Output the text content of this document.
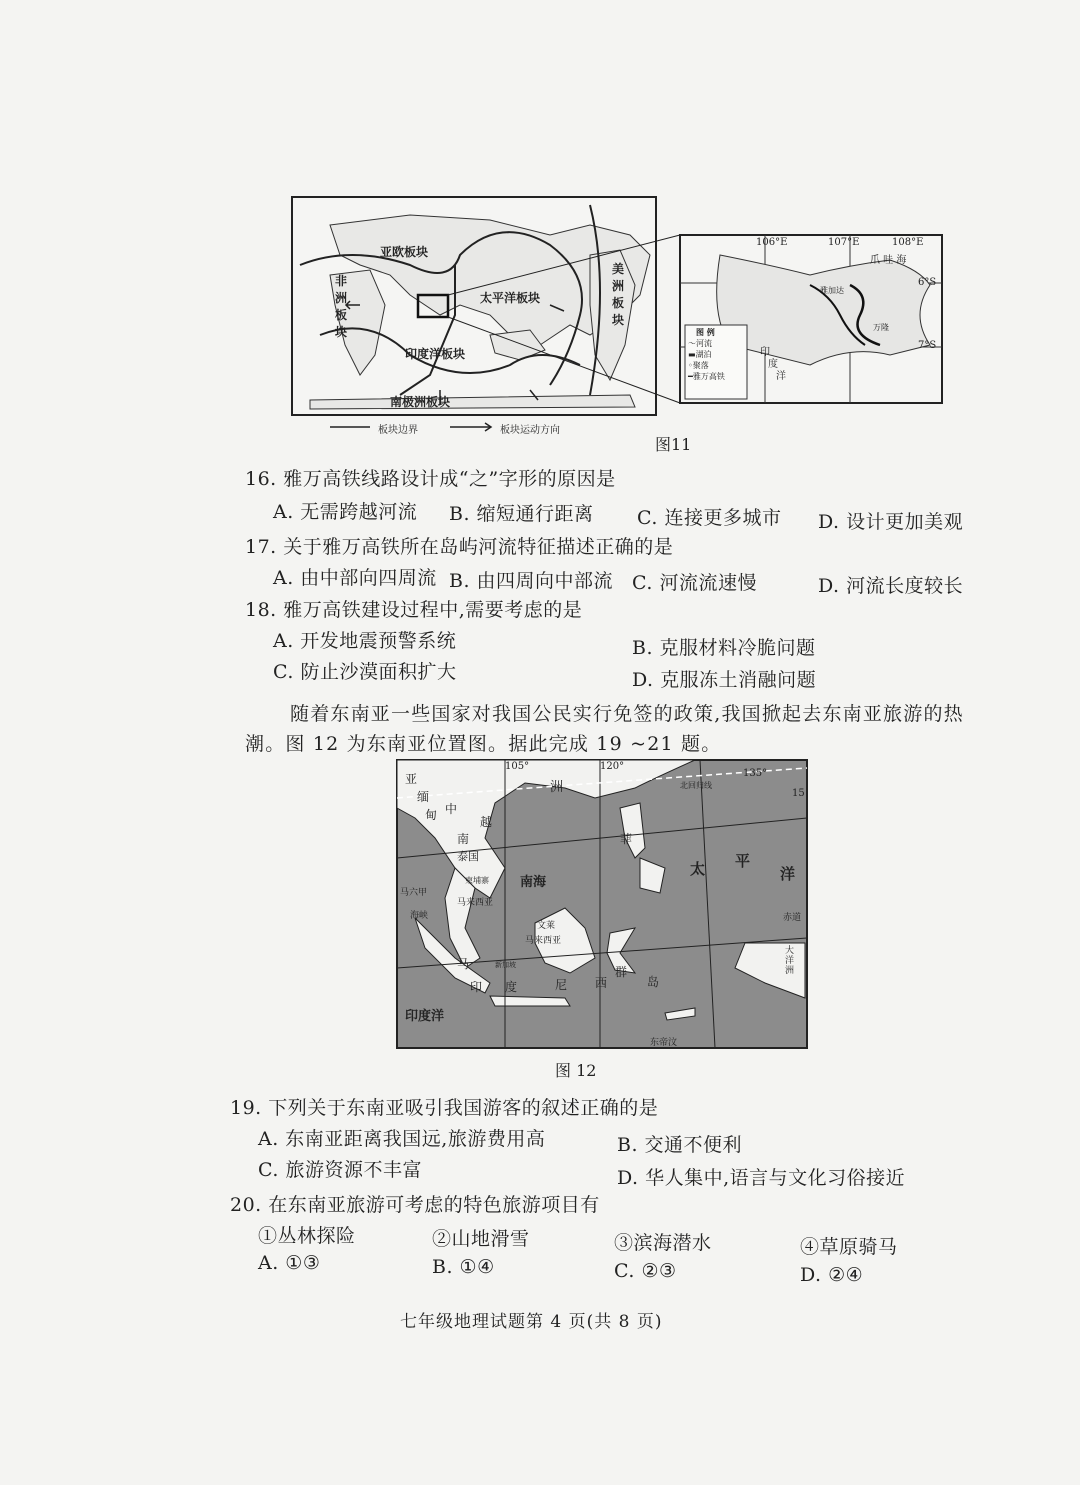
亚欧板块
非
洲
板
块
太平洋板块
美
洲
板
块
印度洋板块
南极洲板块
板块边界	板块运动方向
106°E	107°E	108°E
爪 哇 海
6°S
7°S
雅加达
万隆
印
度
洋
图 例
～河流
▬湖泊
◦聚落
━雅万高铁
图11
16. 雅万高铁线路设计成“之”字形的原因是
A. 无需跨越河流 B. 缩短通行距离 C. 连接更多城市 D. 设计更加美观
17. 关于雅万高铁所在岛屿河流特征描述正确的是
A. 由中部向四周流 B. 由四周向中部流 C. 河流流速慢	D. 河流长度较长
18. 雅万高铁建设过程中,需要考虑的是
A. 开发地震预警系统	B. 克服材料冷脆问题
C. 防止沙漠面积扩大	D. 克服冻土消融问题
随着东南亚一些国家对我国公民实行免签的政策,我国掀起去东南亚旅游的热
潮。图 12 为东南亚位置图。据此完成 19 ~21 题。
105°
洲
120°
北回归线
135°
15
亚
缅
甸 中
南
泰国
越
柬埔寨 南海
菲
太 平
洋
马六甲
海峡
马来西亚
文莱
马来西亚
新加坡
马
印 度	尼 西
群
岛
印度洋
赤道
大
洋
洲
东帝汶
图 12
19. 下列关于东南亚吸引我国游客的叙述正确的是
A. 东南亚距离我国远,旅游费用高	B. 交通不便利
C. 旅游资源不丰富	D. 华人集中,语言与文化习俗接近
20. 在东南亚旅游可考虑的特色旅游项目有
①丛林探险	②山地滑雪	③滨海潜水	④草原骑马
A. ①③	B. ①④	C. ②③	D. ②④
七年级地理试题第 4 页(共 8 页)
